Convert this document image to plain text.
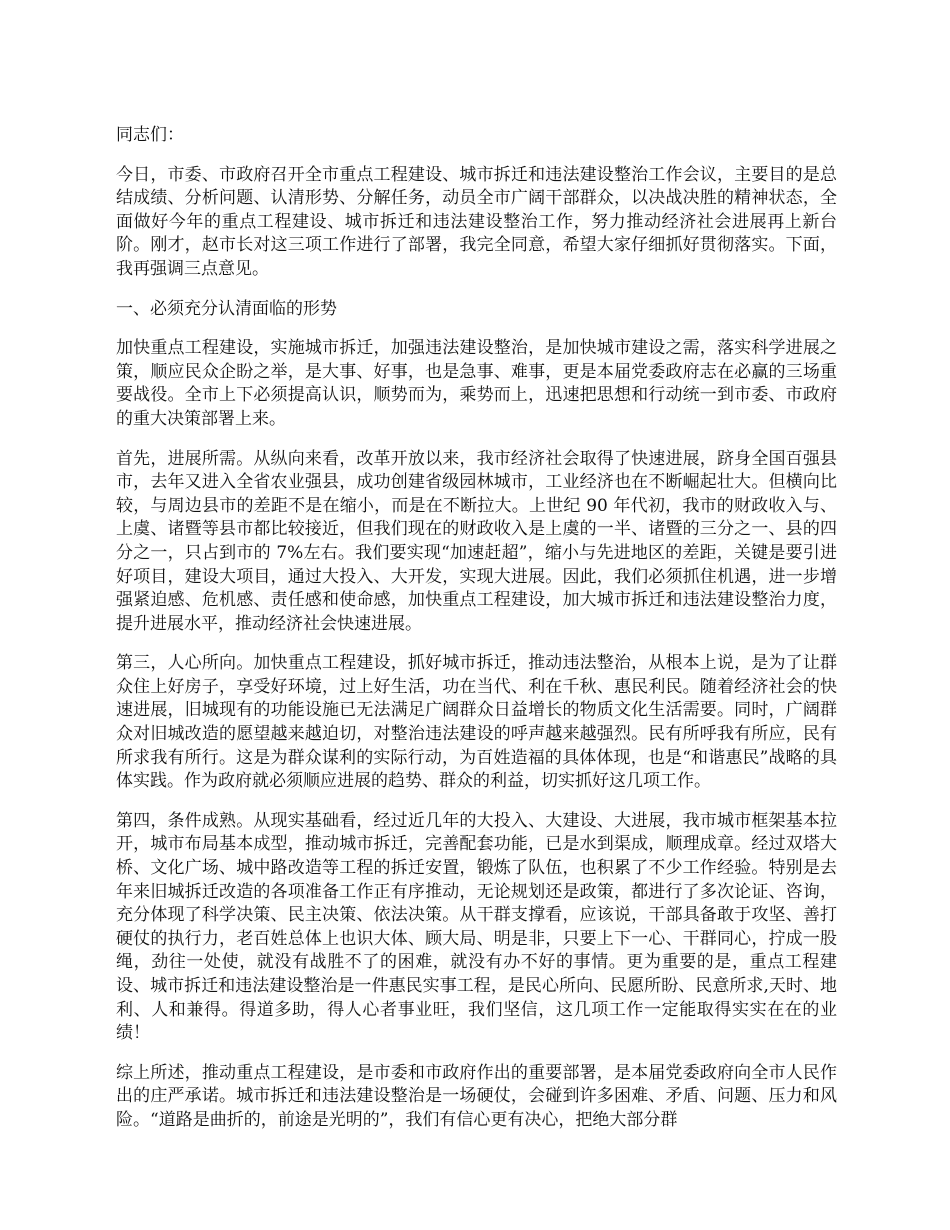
同志们：

今日，市委、市政府召开全市重点工程建设、城市拆迁和违法建设整治工作会议，主要目的是总结成绩、分析问题、认清形势、分解任务，动员全市广阔干部群众，以决战决胜的精神状态，全面做好今年的重点工程建设、城市拆迁和违法建设整治工作，努力推动经济社会进展再上新台阶。刚才，赵市长对这三项工作进行了部署，我完全同意，希望大家仔细抓好贯彻落实。下面，我再强调三点意见。

一、必须充分认清面临的形势

加快重点工程建设，实施城市拆迁，加强违法建设整治，是加快城市建设之需，落实科学进展之策，顺应民众企盼之举，是大事、好事，也是急事、难事，更是本届党委政府志在必赢的三场重要战役。全市上下必须提高认识，顺势而为，乘势而上，迅速把思想和行动统一到市委、市政府的重大决策部署上来。

首先，进展所需。从纵向来看，改革开放以来，我市经济社会取得了快速进展，跻身全国百强县市，去年又进入全省农业强县，成功创建省级园林城市，工业经济也在不断崛起壮大。但横向比较，与周边县市的差距不是在缩小，而是在不断拉大。上世纪 90 年代初，我市的财政收入与、上虞、诸暨等县市都比较接近，但我们现在的财政收入是上虞的一半、诸暨的三分之一、县的四分之一，只占到市的 7%左右。我们要实现“加速赶超”，缩小与先进地区的差距，关键是要引进好项目，建设大项目，通过大投入、大开发，实现大进展。因此，我们必须抓住机遇，进一步增强紧迫感、危机感、责任感和使命感，加快重点工程建设，加大城市拆迁和违法建设整治力度，提升进展水平，推动经济社会快速进展。

第三，人心所向。加快重点工程建设，抓好城市拆迁，推动违法整治，从根本上说，是为了让群众住上好房子，享受好环境，过上好生活，功在当代、利在千秋、惠民利民。随着经济社会的快速进展，旧城现有的功能设施已无法满足广阔群众日益增长的物质文化生活需要。同时，广阔群众对旧城改造的愿望越来越迫切，对整治违法建设的呼声越来越强烈。民有所呼我有所应，民有所求我有所行。这是为群众谋利的实际行动，为百姓造福的具体体现，也是“和谐惠民”战略的具体实践。作为政府就必须顺应进展的趋势、群众的利益，切实抓好这几项工作。

第四，条件成熟。从现实基础看，经过近几年的大投入、大建设、大进展，我市城市框架基本拉开，城市布局基本成型，推动城市拆迁，完善配套功能，已是水到渠成，顺理成章。经过双塔大桥、文化广场、城中路改造等工程的拆迁安置，锻炼了队伍，也积累了不少工作经验。特别是去年来旧城拆迁改造的各项准备工作正有序推动，无论规划还是政策，都进行了多次论证、咨询，充分体现了科学决策、民主决策、依法决策。从干群支撑看，应该说，干部具备敢于攻坚、善打硬仗的执行力，老百姓总体上也识大体、顾大局、明是非，只要上下一心、干群同心，拧成一股绳，劲往一处使，就没有战胜不了的困难，就没有办不好的事情。更为重要的是，重点工程建设、城市拆迁和违法建设整治是一件惠民实事工程，是民心所向、民愿所盼、民意所求,天时、地利、人和兼得。得道多助，得人心者事业旺，我们坚信，这几项工作一定能取得实实在在的业绩！

综上所述，推动重点工程建设，是市委和市政府作出的重要部署，是本届党委政府向全市人民作出的庄严承诺。城市拆迁和违法建设整治是一场硬仗，会碰到许多困难、矛盾、问题、压力和风险。“道路是曲折的，前途是光明的”，我们有信心更有决心，把绝大部分群
